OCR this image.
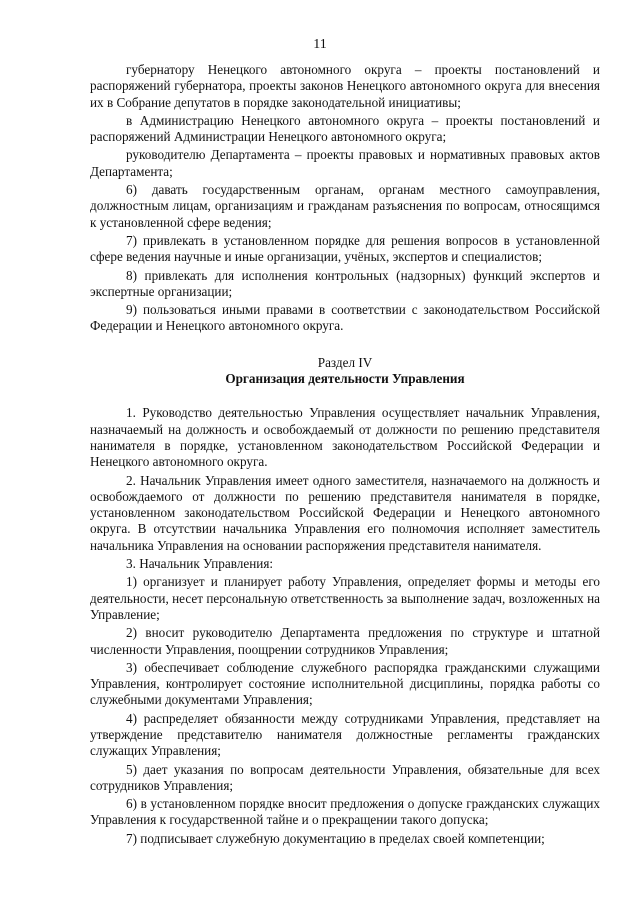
11

губернатору Ненецкого автономного округа – проекты постановлений и распоряжений губернатора, проекты законов Ненецкого автономного округа для внесения их в Собрание депутатов в порядке законодательной инициативы;

в Администрацию Ненецкого автономного округа – проекты постановлений и распоряжений Администрации Ненецкого автономного округа;

руководителю Департамента – проекты правовых и нормативных правовых актов Департамента;

6) давать государственным органам, органам местного самоуправления, должностным лицам, организациям и гражданам разъяснения по вопросам, относящимся к установленной сфере ведения;

7) привлекать в установленном порядке для решения вопросов в установленной сфере ведения научные и иные организации, учёных, экспертов и специалистов;

8) привлекать для исполнения контрольных (надзорных) функций экспертов и экспертные организации;

9) пользоваться иными правами в соответствии с законодательством Российской Федерации и Ненецкого автономного округа.

Раздел IV

Организация деятельности Управления

1. Руководство деятельностью Управления осуществляет начальник Управления, назначаемый на должность и освобождаемый от должности по решению представителя нанимателя в порядке, установленном законодательством Российской Федерации и Ненецкого автономного округа.

2. Начальник Управления имеет одного заместителя, назначаемого на должность и освобождаемого от должности по решению представителя нанимателя в порядке, установленном законодательством Российской Федерации и Ненецкого автономного округа. В отсутствии начальника Управления его полномочия исполняет заместитель начальника Управления на основании распоряжения представителя нанимателя.

3. Начальник Управления:

1) организует и планирует работу Управления, определяет формы и методы его деятельности, несет персональную ответственность за выполнение задач, возложенных на Управление;

2) вносит руководителю Департамента предложения по структуре и штатной численности Управления, поощрении сотрудников Управления;

3) обеспечивает соблюдение служебного распорядка гражданскими служащими Управления, контролирует состояние исполнительной дисциплины, порядка работы со служебными документами Управления;

4) распределяет обязанности между сотрудниками Управления, представляет на утверждение представителю нанимателя должностные регламенты гражданских служащих Управления;

5) дает указания по вопросам деятельности Управления, обязательные для всех сотрудников Управления;

6) в установленном порядке вносит предложения о допуске гражданских служащих Управления к государственной тайне и о прекращении такого допуска;

7) подписывает служебную документацию в пределах своей компетенции;
